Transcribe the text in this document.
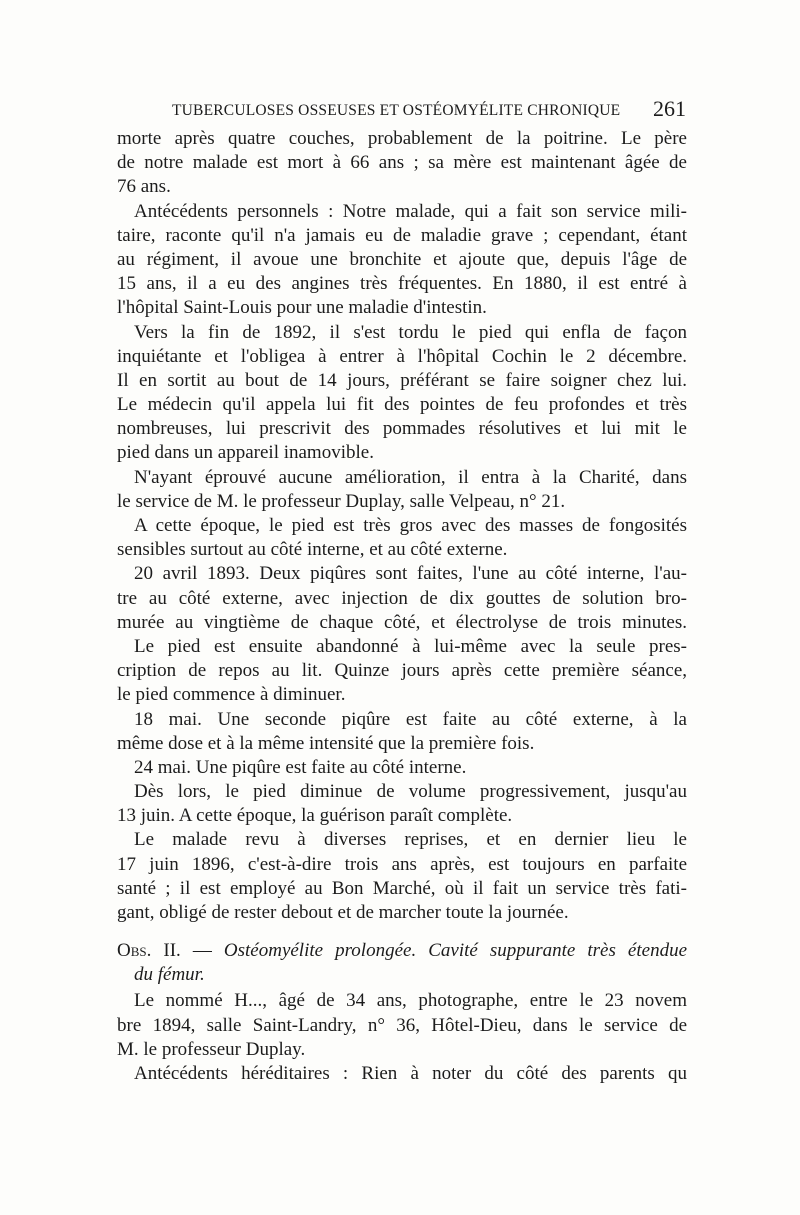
TUBERCULOSES OSSEUSES ET OSTÉOMYÉLITE CHRONIQUE 261
morte après quatre couches, probablement de la poitrine. Le père
de notre malade est mort à 66 ans ; sa mère est maintenant âgée de
76 ans.
Antécédents personnels : Notre malade, qui a fait son service mili-
taire, raconte qu'il n'a jamais eu de maladie grave ; cependant, étant
au régiment, il avoue une bronchite et ajoute que, depuis l'âge de
15 ans, il a eu des angines très fréquentes. En 1880, il est entré à
l'hôpital Saint-Louis pour une maladie d'intestin.
Vers la fin de 1892, il s'est tordu le pied qui enfla de façon
inquiétante et l'obligea à entrer à l'hôpital Cochin le 2 décembre.
Il en sortit au bout de 14 jours, préférant se faire soigner chez lui.
Le médecin qu'il appela lui fit des pointes de feu profondes et très
nombreuses, lui prescrivit des pommades résolutives et lui mit le
pied dans un appareil inamovible.
N'ayant éprouvé aucune amélioration, il entra à la Charité, dans
le service de M. le professeur Duplay, salle Velpeau, n° 21.
A cette époque, le pied est très gros avec des masses de fongosités
sensibles surtout au côté interne, et au côté externe.
20 avril 1893. Deux piqûres sont faites, l'une au côté interne, l'au-
tre au côté externe, avec injection de dix gouttes de solution bro-
murée au vingtième de chaque côté, et électrolyse de trois minutes.
Le pied est ensuite abandonné à lui-même avec la seule pres-
cription de repos au lit. Quinze jours après cette première séance,
le pied commence à diminuer.
18 mai. Une seconde piqûre est faite au côté externe, à la
même dose et à la même intensité que la première fois.
24 mai. Une piqûre est faite au côté interne.
Dès lors, le pied diminue de volume progressivement, jusqu'au
13 juin. A cette époque, la guérison paraît complète.
Le malade revu à diverses reprises, et en dernier lieu le
17 juin 1896, c'est-à-dire trois ans après, est toujours en parfaite
santé ; il est employé au Bon Marché, où il fait un service très fati-
gant, obligé de rester debout et de marcher toute la journée.
Obs. II. — Ostéomyélite prolongée. Cavité suppurante très étendue
du fémur.
Le nommé H..., âgé de 34 ans, photographe, entre le 23 novem
bre 1894, salle Saint-Landry, n° 36, Hôtel-Dieu, dans le service de
M. le professeur Duplay.
Antécédents héréditaires : Rien à noter du côté des parents qu
